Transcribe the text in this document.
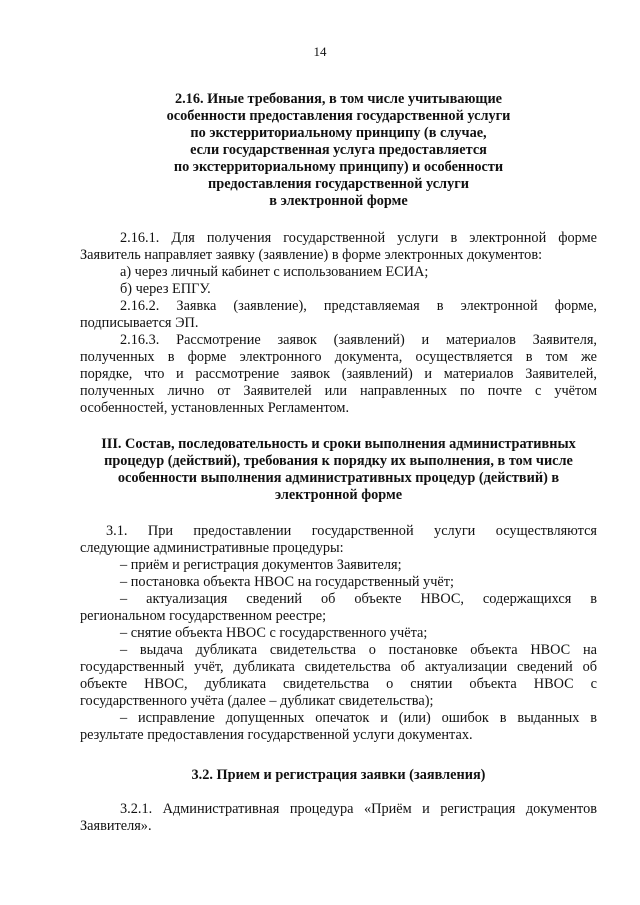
14
2.16. Иные требования, в том числе учитывающие
особенности предоставления государственной услуги
по экстерриториальному принципу (в случае,
если государственная услуга предоставляется
по экстерриториальному принципу) и особенности
предоставления государственной услуги
в электронной форме

2.16.1. Для получения государственной услуги в электронной форме

Заявитель направляет заявку (заявление) в форме электронных документов:

а) через личный кабинет с использованием ЕСИА;

б) через ЕПГУ.

2.16.2. Заявка (заявление), представляемая в электронной форме,

подписывается ЭП.

2.16.3. Рассмотрение заявок (заявлений) и материалов Заявителя,

полученных в форме электронного документа, осуществляется в том же

порядке, что и рассмотрение заявок (заявлений) и материалов Заявителей,

полученных лично от Заявителей или направленных по почте с учётом

особенностей, установленных Регламентом.

III. Состав, последовательность и сроки выполнения административных
процедур (действий), требования к порядку их выполнения, в том числе
особенности выполнения административных процедур (действий) в
электронной форме

3.1. При предоставлении государственной услуги осуществляются

следующие административные процедуры:

– приём и регистрация документов Заявителя;

– постановка объекта НВОС на государственный учёт;

– актуализация сведений об объекте НВОС, содержащихся в

региональном государственном реестре;

– снятие объекта НВОС с государственного учёта;

– выдача дубликата свидетельства о постановке объекта НВОС на

государственный учёт, дубликата свидетельства об актуализации сведений об

объекте НВОС, дубликата свидетельства о снятии объекта НВОС с

государственного учёта (далее – дубликат свидетельства);

– исправление допущенных опечаток и (или) ошибок в выданных в

результате предоставления государственной услуги документах.

3.2. Прием и регистрация заявки (заявления)

3.2.1. Административная процедура «Приём и регистрация документов

Заявителя».
